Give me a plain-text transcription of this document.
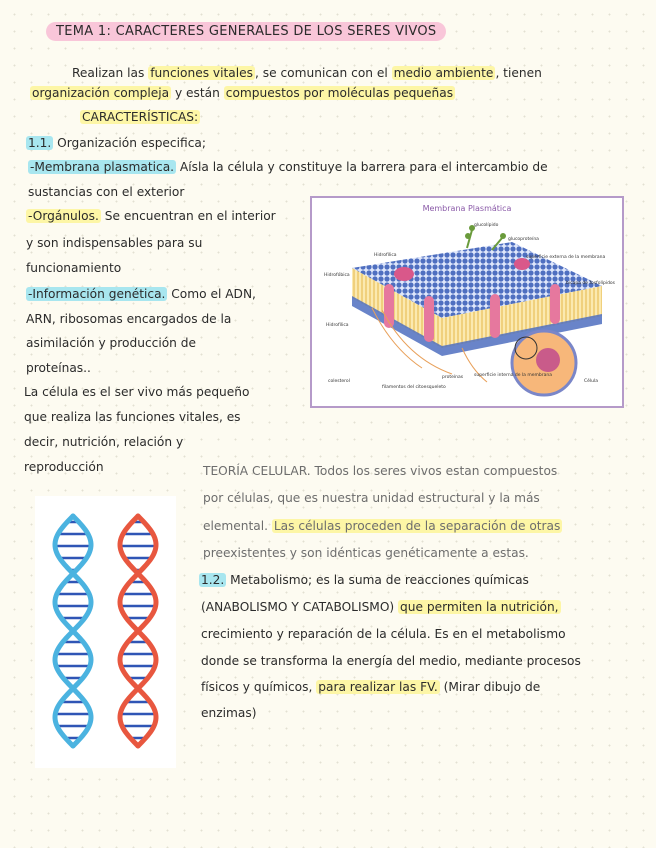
TEMA 1: CARACTERES GENERALES DE LOS SERES VIVOS
Realizan las funciones vitales , se comunican con el medio ambiente , tienen
organización compleja y están compuestos por moléculas pequeñas
CARACTERÍSTICAS:
1.1. Organización especifica;
-Membrana plasmatica. Aísla la célula y constituye la barrera para el intercambio de
sustancias con el exterior
-Orgánulos. Se encuentran en el interior
y son indispensables para su
funcionamiento
-Información genética. Como el ADN,
ARN, ribosomas encargados de la
asimilación y producción de
proteínas..
La célula es el ser vivo más pequeño
que realiza las funciones vitales, es
decir, nutrición, relación y
reproducción	TEORÍA CELULAR. Todos los seres vivos estan compuestos
por células, que es nuestra unidad estructural y la más
elemental. Las células proceden de la separación de otras
preexistentes y son idénticas genéticamente a estas.
1.2. Metabolismo; es la suma de reacciones químicas
(ANABOLISMO Y CATABOLISMO) que permiten la nutrición,
crecimiento y reparación de la célula. Es en el metabolismo
donde se transforma la energía del medio, mediante procesos
físicos y químicos, para realizar las FV. (Mirar dibujo de
enzimas)
Membrana Plasmática
glucolípido
glucoproteína
superficie externa de la membrana
bicapa de fosfolípidos
Hidrofílica
Hidrofóbica
Hidrofílica
colesterol
filamentos del citoesqueleto
proteínas superficie interna de la membrana
Célula
